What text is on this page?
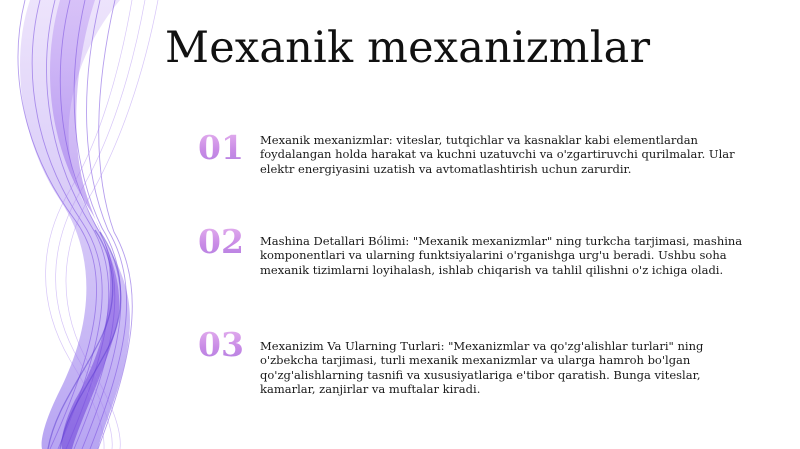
Mexanik mexanizmlar
01	Mexanik mexanizmlar: viteslar, tutqichlar va kasnaklar kabi elementlardan foydalangan holda harakat va kuchni uzatuvchi va o'zgartiruvchi qurilmalar. Ular elektr energiyasini uzatish va avtomatlashtirish uchun zarurdir.
02	Mashina Detallari Bólimi: "Mexanik mexanizmlar" ning turkcha tarjimasi, mashina komponentlari va ularning funktsiyalarini o'rganishga urg'u beradi. Ushbu soha mexanik tizimlarni loyihalash, ishlab chiqarish va tahlil qilishni o'z ichiga oladi.
03	Mexanizim Va Ularning Turlari: "Mexanizmlar va qo'zg'alishlar turlari" ning o'zbekcha tarjimasi, turli mexanik mexanizmlar va ularga hamroh bo'lgan qo'zg'alishlarning tasnifi va xususiyatlariga e'tibor qaratish. Bunga viteslar, kamarlar, zanjirlar va muftalar kiradi.
